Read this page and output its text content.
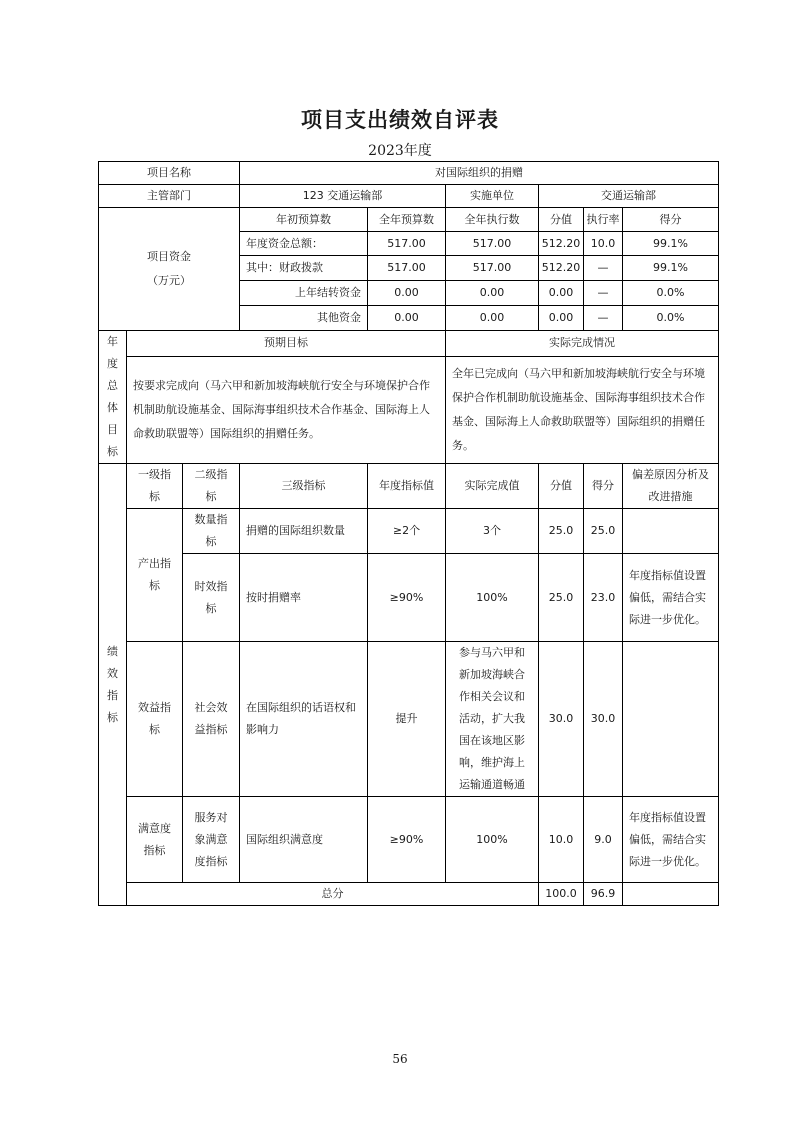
项目支出绩效自评表
2023年度
项目名称			对国际组织的捐赠						
主管部门			123 交通运输部		实施单位	交通运输部			
项目资金
（万元）			年初预算数	全年预算数	全年执行数	分值	执行率	得分	
			年度资金总额：	517.00	517.00	512.20	10.0	99.1%	
			其中：财政拨款	517.00	517.00	512.20	—	99.1%	
			上年结转资金	0.00	0.00	0.00	—	0.0%	
			其他资金	0.00	0.00	0.00	—	0.0%	

年度总体目标	预期目标				实际完成情况				
	按要求完成向（马六甲和新加坡海峡航行安全与环境保护合作机制助航设施基金、国际海事组织技术合作基金、国际海上人命救助联盟等）国际组织的捐赠任务。				全年已完成向（马六甲和新加坡海峡航行安全与环境保护合作机制助航设施基金、国际海事组织技术合作基金、国际海上人命救助联盟等）国际组织的捐赠任务。				

绩效指标	一级指标	二级指标	三级指标	年度指标值	实际完成值	分值	得分	偏差原因分析及改进措施	
	产出指标	数量指标	捐赠的国际组织数量	≥2个	3个	25.0	25.0		
		时效指标	按时捐赠率	≥90%	100%	25.0	23.0	年度指标值设置偏低，需结合实际进一步优化。	
	效益指标	社会效益指标	在国际组织的话语权和影响力	提升	参与马六甲和新加坡海峡合作相关会议和活动，扩大我国在该地区影响，维护海上运输通道畅通	30.0	30.0		
	满意度指标	服务对象满意度指标	国际组织满意度	≥90%	100%	10.0	9.0	年度指标值设置偏低，需结合实际进一步优化。	
	总分					100.0	96.9		
56
